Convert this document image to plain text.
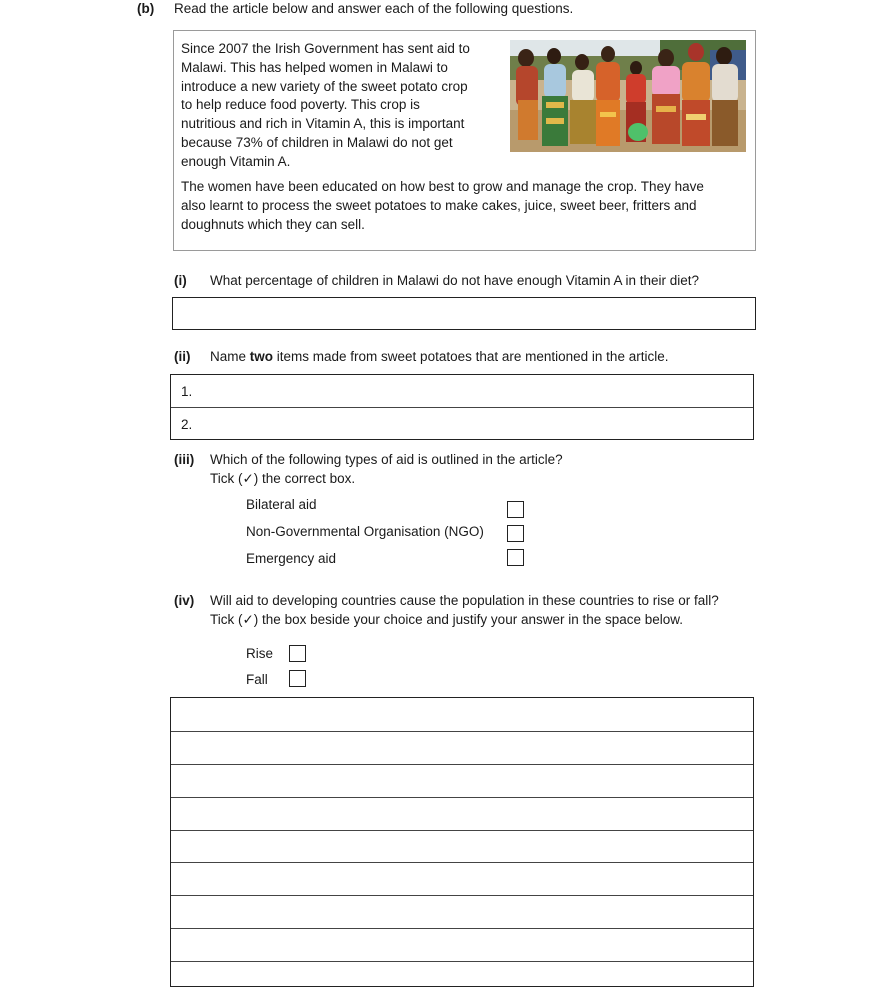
(b) Read the article below and answer each of the following questions.
Since 2007 the Irish Government has sent aid to
Malawi. This has helped women in Malawi to
introduce a new variety of the sweet potato crop
to help reduce food poverty. This crop is
nutritious and rich in Vitamin A, this is important
because 73% of children in Malawi do not get
enough Vitamin A.
The women have been educated on how best to grow and manage the crop. They have
also learnt to process the sweet potatoes to make cakes, juice, sweet beer, fritters and
doughnuts which they can sell.
(i) What percentage of children in Malawi do not have enough Vitamin A in their diet?
(ii) Name two items made from sweet potatoes that are mentioned in the article.
1.
2.
(iii) Which of the following types of aid is outlined in the article?
Tick (✓) the correct box.
Bilateral aid
Non-Governmental Organisation (NGO)
Emergency aid
(iv) Will aid to developing countries cause the population in these countries to rise or fall?
Tick (✓) the box beside your choice and justify your answer in the space below.
Rise
Fall
